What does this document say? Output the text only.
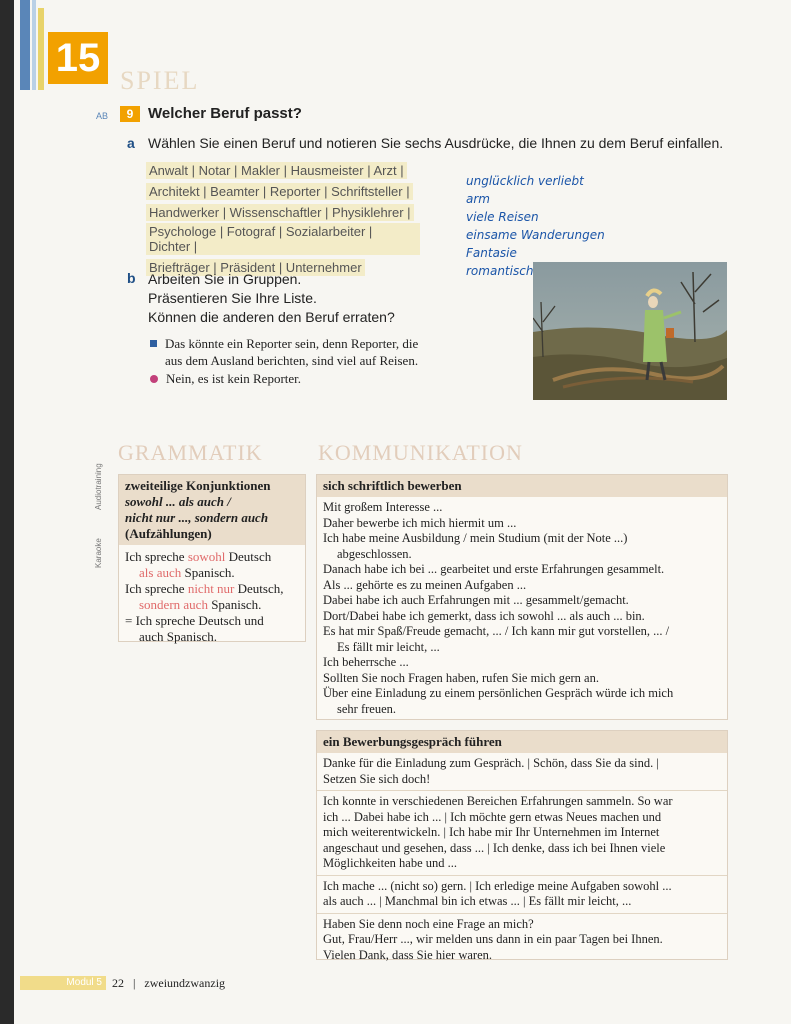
15
SPIEL
AB	9 Welcher Beruf passt?
a Wählen Sie einen Beruf und notieren Sie sechs Ausdrücke, die Ihnen zu dem Beruf einfallen.
Anwalt | Notar | Makler | Hausmeister | Arzt |
Architekt | Beamter | Reporter | Schriftsteller |
Handwerker | Wissenschaftler | Physiklehrer |
Psychologe | Fotograf | Sozialarbeiter | Dichter |
Briefträger | Präsident | Unternehmer
unglücklich verliebt
arm
viele Reisen
einsame Wanderungen
Fantasie
romantisch
b Arbeiten Sie in Gruppen.
Präsentieren Sie Ihre Liste.
Können die anderen den Beruf erraten?
Das könnte ein Reporter sein, denn Reporter, die
aus dem Ausland berichten, sind viel auf Reisen.
Nein, es ist kein Reporter.
Audiotraining
Karaoke
GRAMMATIK
zweiteilige Konjunktionen
sowohl ... als auch /
nicht nur ..., sondern auch
(Aufzählungen)
Ich spreche sowohl Deutsch
als auch Spanisch.
Ich spreche nicht nur Deutsch,
sondern auch Spanisch.
= Ich spreche Deutsch und
auch Spanisch.
KOMMUNIKATION
sich schriftlich bewerben
Mit großem Interesse ...
Daher bewerbe ich mich hiermit um ...
Ich habe meine Ausbildung / mein Studium (mit der Note ...)
abgeschlossen.
Danach habe ich bei ... gearbeitet und erste Erfahrungen gesammelt.
Als ... gehörte es zu meinen Aufgaben ...
Dabei habe ich auch Erfahrungen mit ... gesammelt/gemacht.
Dort/Dabei habe ich gemerkt, dass ich sowohl ... als auch ... bin.
Es hat mir Spaß/Freude gemacht, ... / Ich kann mir gut vorstellen, ... /
Es fällt mir leicht, ...
Ich beherrsche ...
Sollten Sie noch Fragen haben, rufen Sie mich gern an.
Über eine Einladung zu einem persönlichen Gespräch würde ich mich
sehr freuen.
ein Bewerbungsgespräch führen
Danke für die Einladung zum Gespräch. | Schön, dass Sie da sind. |
Setzen Sie sich doch!
Ich konnte in verschiedenen Bereichen Erfahrungen sammeln. So war
ich ... Dabei habe ich ... | Ich möchte gern etwas Neues machen und
mich weiterentwickeln. | Ich habe mir Ihr Unternehmen im Internet
angeschaut und gesehen, dass ... | Ich denke, dass ich bei Ihnen viele
Möglichkeiten habe und ...
Ich mache ... (nicht so) gern. | Ich erledige meine Aufgaben sowohl ...
als auch ... | Manchmal bin ich etwas ... | Es fällt mir leicht, ...
Haben Sie denn noch eine Frage an mich?
Gut, Frau/Herr ..., wir melden uns dann in ein paar Tagen bei Ihnen.
Vielen Dank, dass Sie hier waren.
Modul 5 22 | zweiundzwanzig
